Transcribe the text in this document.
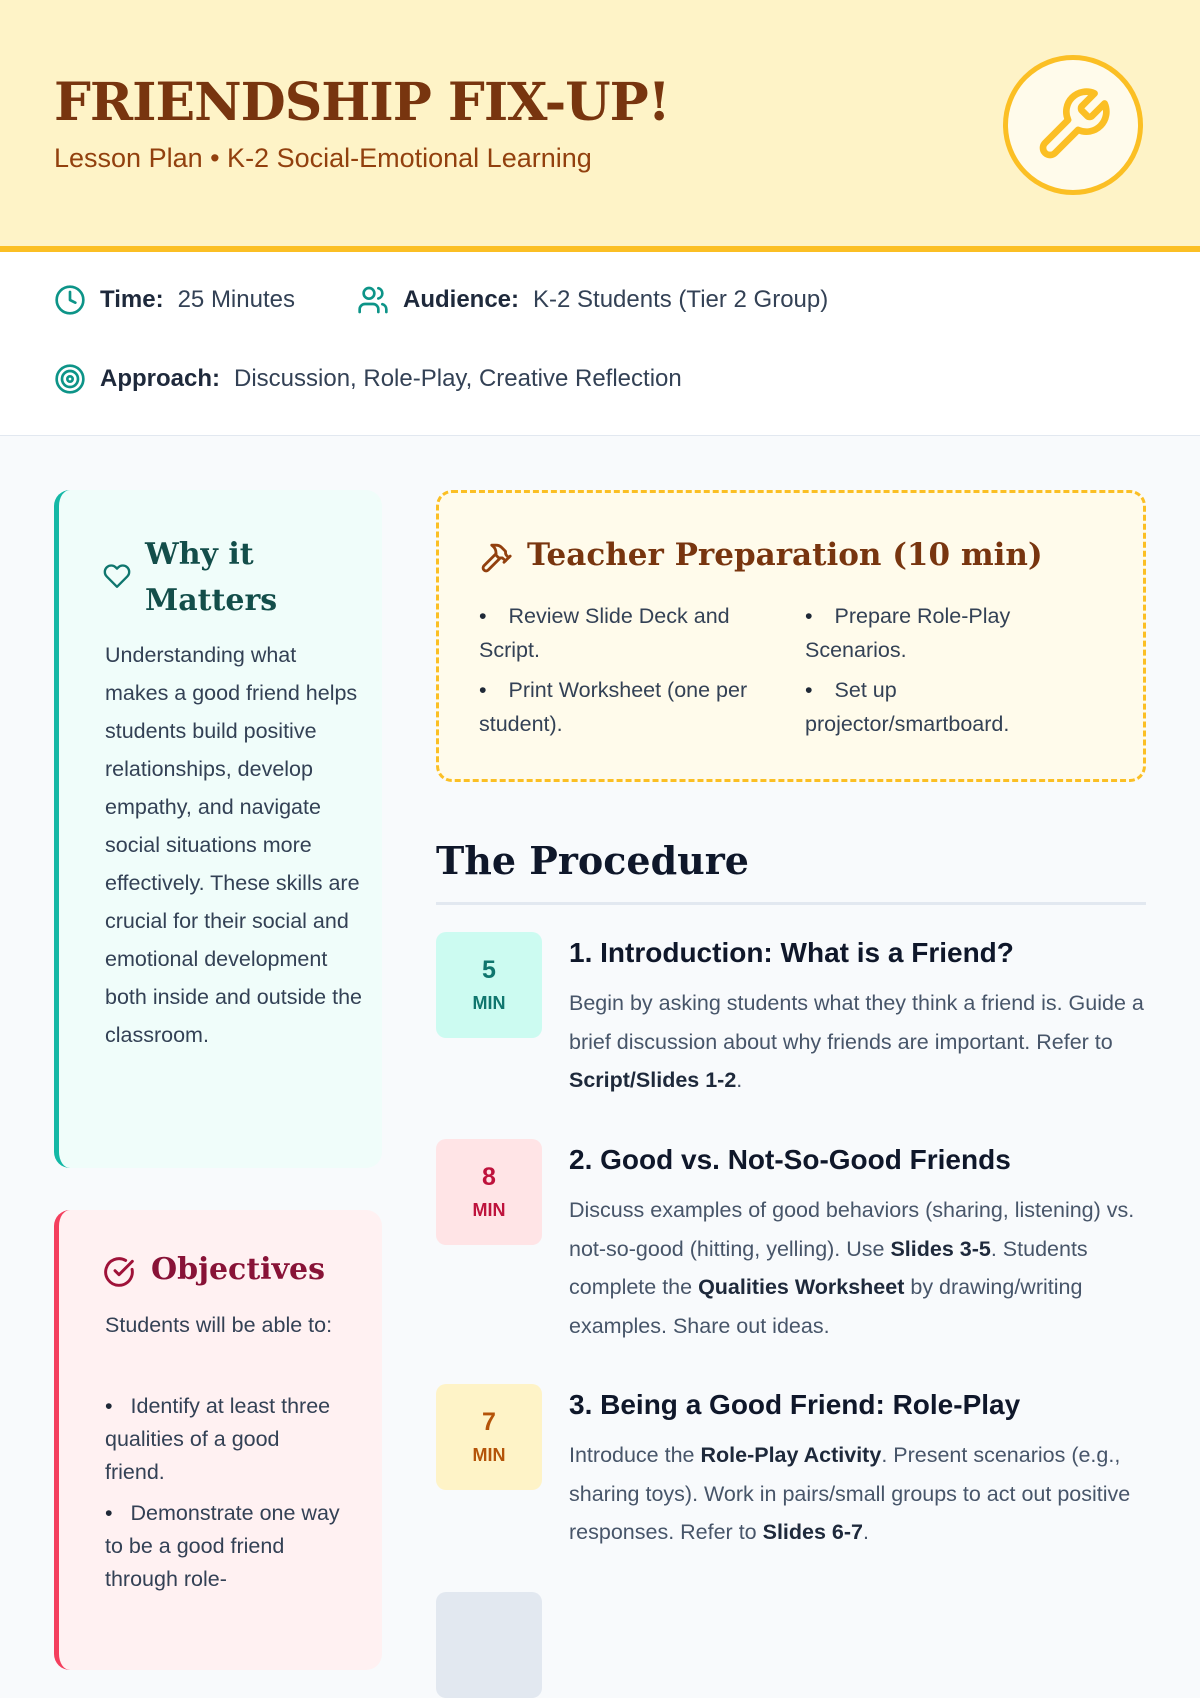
FRIENDSHIP FIX-UP!
Lesson Plan • K-2 Social-Emotional Learning
Time: 25 Minutes	Audience: K-2 Students (Tier 2 Group)
Approach: Discussion, Role-Play, Creative Reflection
Why it Matters
Understanding what makes a good friend helps students build positive relationships, develop empathy, and navigate social situations more effectively. These skills are crucial for their social and emotional development both inside and outside the classroom.
Objectives
Students will be able to:
• Identify at least three qualities of a good friend.
• Demonstrate one way to be a good friend through role-
Teacher Preparation (10 min)
• Review Slide Deck and Script.
• Print Worksheet (one per student).
• Prepare Role-Play Scenarios.
• Set up projector/smartboard.
The Procedure
5
MIN
1. Introduction: What is a Friend?
Begin by asking students what they think a friend is. Guide a brief discussion about why friends are important. Refer to Script/Slides 1-2.
8
MIN
2. Good vs. Not-So-Good Friends
Discuss examples of good behaviors (sharing, listening) vs. not-so-good (hitting, yelling). Use Slides 3-5. Students complete the Qualities Worksheet by drawing/writing examples. Share out ideas.
7
MIN
3. Being a Good Friend: Role-Play
Introduce the Role-Play Activity. Present scenarios (e.g., sharing toys). Work in pairs/small groups to act out positive responses. Refer to Slides 6-7.
